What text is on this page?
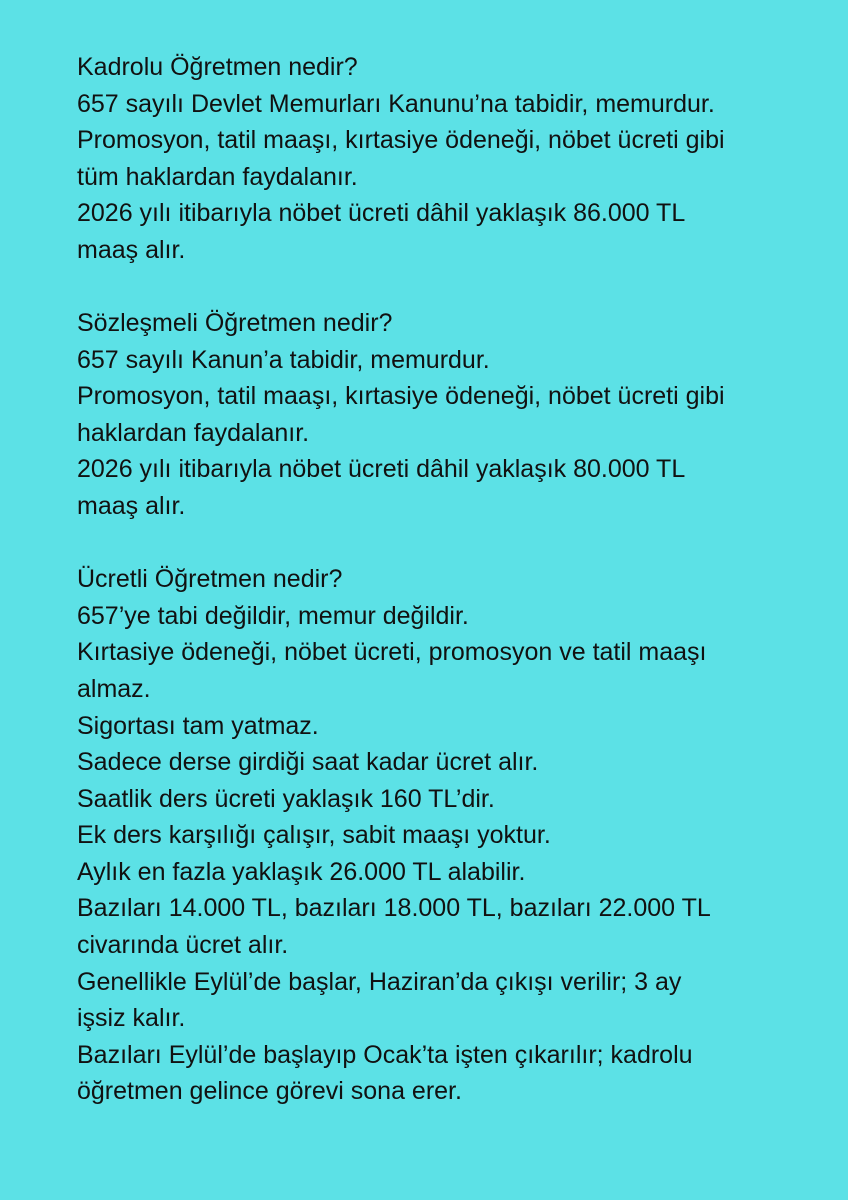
Kadrolu Öğretmen nedir?

657 sayılı Devlet Memurları Kanunu’na tabidir, memurdur.

Promosyon, tatil maaşı, kırtasiye ödeneği, nöbet ücreti gibi

tüm haklardan faydalanır.

2026 yılı itibarıyla nöbet ücreti dâhil yaklaşık 86.000 TL

maaş alır.

Sözleşmeli Öğretmen nedir?

657 sayılı Kanun’a tabidir, memurdur.

Promosyon, tatil maaşı, kırtasiye ödeneği, nöbet ücreti gibi

haklardan faydalanır.

2026 yılı itibarıyla nöbet ücreti dâhil yaklaşık 80.000 TL

maaş alır.

Ücretli Öğretmen nedir?

657’ye tabi değildir, memur değildir.

Kırtasiye ödeneği, nöbet ücreti, promosyon ve tatil maaşı

almaz.

Sigortası tam yatmaz.

Sadece derse girdiği saat kadar ücret alır.

Saatlik ders ücreti yaklaşık 160 TL’dir.

Ek ders karşılığı çalışır, sabit maaşı yoktur.

Aylık en fazla yaklaşık 26.000 TL alabilir.

Bazıları 14.000 TL, bazıları 18.000 TL, bazıları 22.000 TL

civarında ücret alır.

Genellikle Eylül’de başlar, Haziran’da çıkışı verilir; 3 ay

işsiz kalır.

Bazıları Eylül’de başlayıp Ocak’ta işten çıkarılır; kadrolu

öğretmen gelince görevi sona erer.
